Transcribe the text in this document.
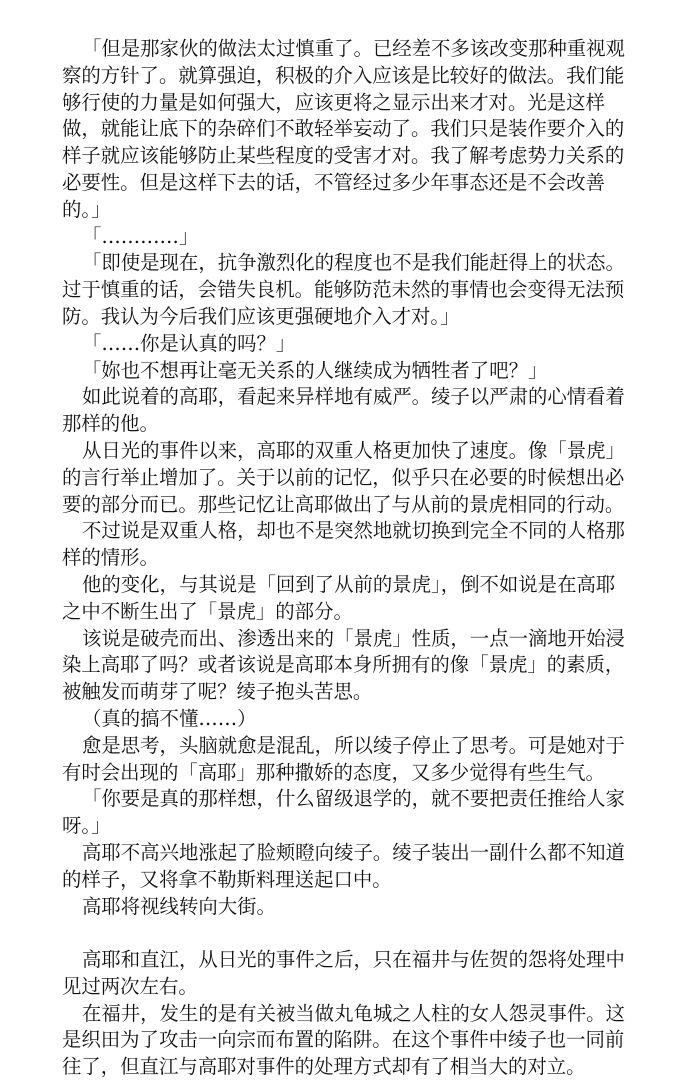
「但是那家伙的做法太过慎重了。已经差不多该改变那种重视观
察的方针了。就算强迫，积极的介入应该是比较好的做法。我们能
够行使的力量是如何强大，应该更将之显示出来才对。光是这样
做，就能让底下的杂碎们不敢轻举妄动了。我们只是装作要介入的
样子就应该能够防止某些程度的受害才对。我了解考虑势力关系的
必要性。但是这样下去的话，不管经过多少年事态还是不会改善
的。」
「…………」
「即使是现在，抗争激烈化的程度也不是我们能赶得上的状态。
过于慎重的话，会错失良机。能够防范未然的事情也会变得无法预
防。我认为今后我们应该更强硬地介入才对。」
「……你是认真的吗？」
「妳也不想再让毫无关系的人继续成为牺牲者了吧？」
如此说着的高耶，看起来异样地有威严。绫子以严肃的心情看着
那样的他。
从日光的事件以来，高耶的双重人格更加快了速度。像「景虎」
的言行举止增加了。关于以前的记忆，似乎只在必要的时候想出必
要的部分而已。那些记忆让高耶做出了与从前的景虎相同的行动。
不过说是双重人格，却也不是突然地就切换到完全不同的人格那
样的情形。
他的变化，与其说是「回到了从前的景虎」，倒不如说是在高耶
之中不断生出了「景虎」的部分。
该说是破壳而出、渗透出来的「景虎」性质，一点一滴地开始浸
染上高耶了吗？或者该说是高耶本身所拥有的像「景虎」的素质，
被触发而萌芽了呢？绫子抱头苦思。
（真的搞不懂……）
愈是思考，头脑就愈是混乱，所以绫子停止了思考。可是她对于
有时会出现的「高耶」那种撒娇的态度，又多少觉得有些生气。
「你要是真的那样想，什么留级退学的，就不要把责任推给人家
呀。」
高耶不高兴地涨起了脸颊瞪向绫子。绫子装出一副什么都不知道
的样子，又将拿不勒斯料理送起口中。
高耶将视线转向大街。
高耶和直江，从日光的事件之后，只在福井与佐贺的怨将处理中
见过两次左右。
在福井，发生的是有关被当做丸龟城之人柱的女人怨灵事件。这
是织田为了攻击一向宗而布置的陷阱。在这个事件中绫子也一同前
往了，但直江与高耶对事件的处理方式却有了相当大的对立。
